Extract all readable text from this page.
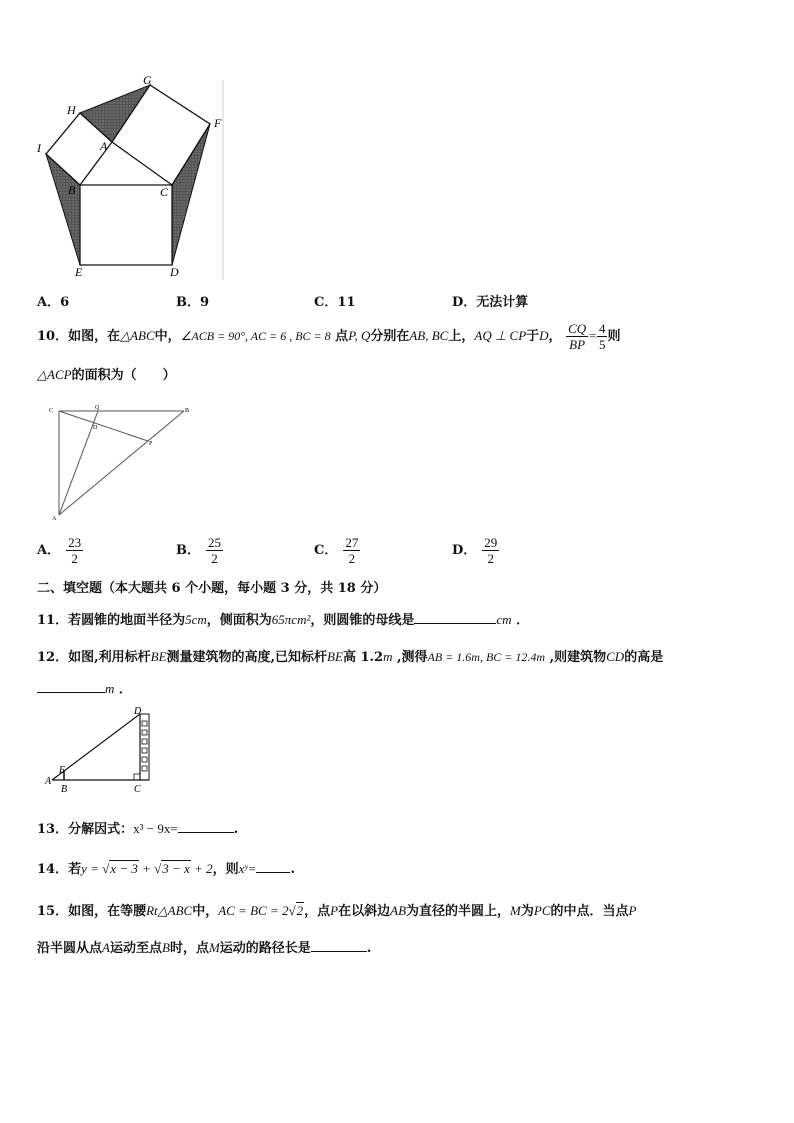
G
H
F
I	A
B	C
E	D
A．6	B．9	C．11	D．无法计算
10．如图，在△ABC中，∠ACB = 90°, AC = 6 , BC = 8 点P, Q分别在AB, BC上，AQ ⊥ CP于D， $\frac{CQ}{BP} = \frac{4}{5}$ 则
△ACP的面积为（　　）
C	Q	B
D
P
A
A． $\frac{23}{2}$	B． $\frac{25}{2}$	C． $\frac{27}{2}$	D． $\frac{29}{2}$
二、填空题（本大题共 6 个小题，每小题 3 分，共 18 分）
11．若圆锥的地面半径为5cm，侧面积为65πcm²，则圆锥的母线是	cm ．
12．如图,利用标杆BE测量建筑物的高度,已知标杆BE高 1.2m ,测得AB = 1.6m, BC = 12.4m ,则建筑物CD的高是
m ．
D
E
A
B	C
13．分解因式：x³ − 9x=	.
14．若y = √x − 3 + √3 − x + 2，则xʸ=	.
15．如图，在等腰Rt△ABC中，AC = BC = 2√2，点P在以斜边AB为直径的半圆上，M为PC的中点．当点P
沿半圆从点A运动至点B时，点M运动的路径长是	.
